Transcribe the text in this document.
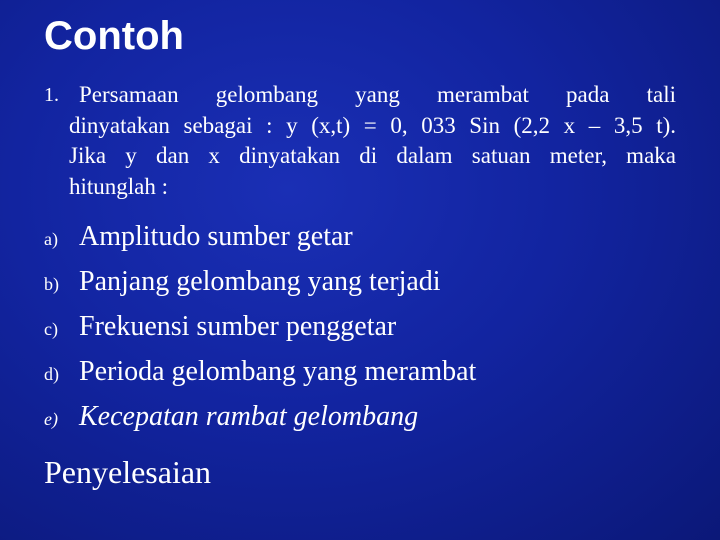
Contoh
1. Persamaan gelombang yang merambat pada tali
dinyatakan sebagai : y (x,t) = 0, 033 Sin (2,2 x – 3,5 t).
Jika y dan x dinyatakan di dalam satuan meter, maka
hitunglah :
a) Amplitudo sumber getar
b) Panjang gelombang yang terjadi
c) Frekuensi sumber penggetar
d) Perioda gelombang yang merambat
e) Kecepatan rambat gelombang
Penyelesaian
